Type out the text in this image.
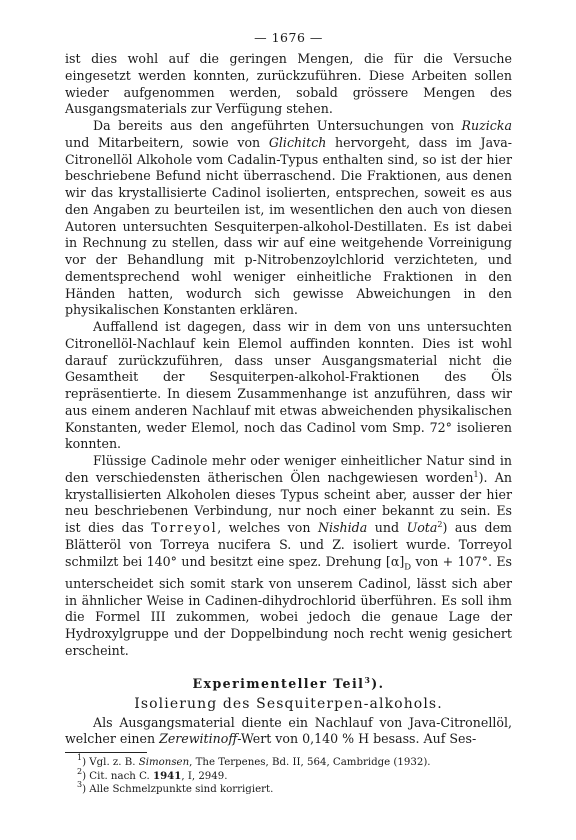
— 1676 —

ist dies wohl auf die geringen Mengen, die für die Versuche eingesetzt werden konnten, zurückzuführen. Diese Arbeiten sollen wieder aufgenommen werden, sobald grössere Mengen des Ausgangsmaterials zur Verfügung stehen.

Da bereits aus den angeführten Untersuchungen von Ruzicka und Mitarbeitern, sowie von Glichitch hervorgeht, dass im Java-Citronellöl Alkohole vom Cadalin-Typus enthalten sind, so ist der hier beschriebene Befund nicht überraschend. Die Fraktionen, aus denen wir das krystallisierte Cadinol isolierten, entsprechen, soweit es aus den Angaben zu beurteilen ist, im wesentlichen den auch von diesen Autoren untersuchten Sesquiterpen-alkohol-Destillaten. Es ist dabei in Rechnung zu stellen, dass wir auf eine weitgehende Vorreinigung vor der Behandlung mit p-Nitrobenzoylchlorid verzichteten, und dementsprechend wohl weniger einheitliche Fraktionen in den Händen hatten, wodurch sich gewisse Abweichungen in den physikalischen Konstanten erklären.

Auffallend ist dagegen, dass wir in dem von uns untersuchten Citronellöl-Nachlauf kein Elemol auffinden konnten. Dies ist wohl darauf zurückzuführen, dass unser Ausgangsmaterial nicht die Gesamtheit der Sesquiterpen-alkohol-Fraktionen des Öls repräsentierte. In diesem Zusammenhange ist anzuführen, dass wir aus einem anderen Nachlauf mit etwas abweichenden physikalischen Konstanten, weder Elemol, noch das Cadinol vom Smp. 72° isolieren konnten.

Flüssige Cadinole mehr oder weniger einheitlicher Natur sind in den verschiedensten ätherischen Ölen nachgewiesen worden$^1$). An krystallisierten Alkoholen dieses Typus scheint aber, ausser der hier neu beschriebenen Verbindung, nur noch einer bekannt zu sein. Es ist dies das Torreyol, welches von Nishida und Uota$^2$) aus dem Blätteröl von Torreya nucifera S. und Z. isoliert wurde. Torreyol schmilzt bei 140° und besitzt eine spez. Drehung $[\alpha]_D$ von + 107°. Es unterscheidet sich somit stark von unserem Cadinol, lässt sich aber in ähnlicher Weise in Cadinen-dihydrochlorid überführen. Es soll ihm die Formel III zukommen, wobei jedoch die genaue Lage der Hydroxylgruppe und der Doppelbindung noch recht wenig gesichert erscheint.

Experimenteller Teil$^3$).
Isolierung des Sesquiterpen-alkohols.

Als Ausgangsmaterial diente ein Nachlauf von Java-Citronellöl, welcher einen Zerewitinoff-Wert von 0,140 % H besass. Auf Ses-

$^1$) Vgl. z. B. Simonsen, The Terpenes, Bd. II, 564, Cambridge (1932).
$^2$) Cit. nach C. 1941, I, 2949.
$^3$) Alle Schmelzpunkte sind korrigiert.
